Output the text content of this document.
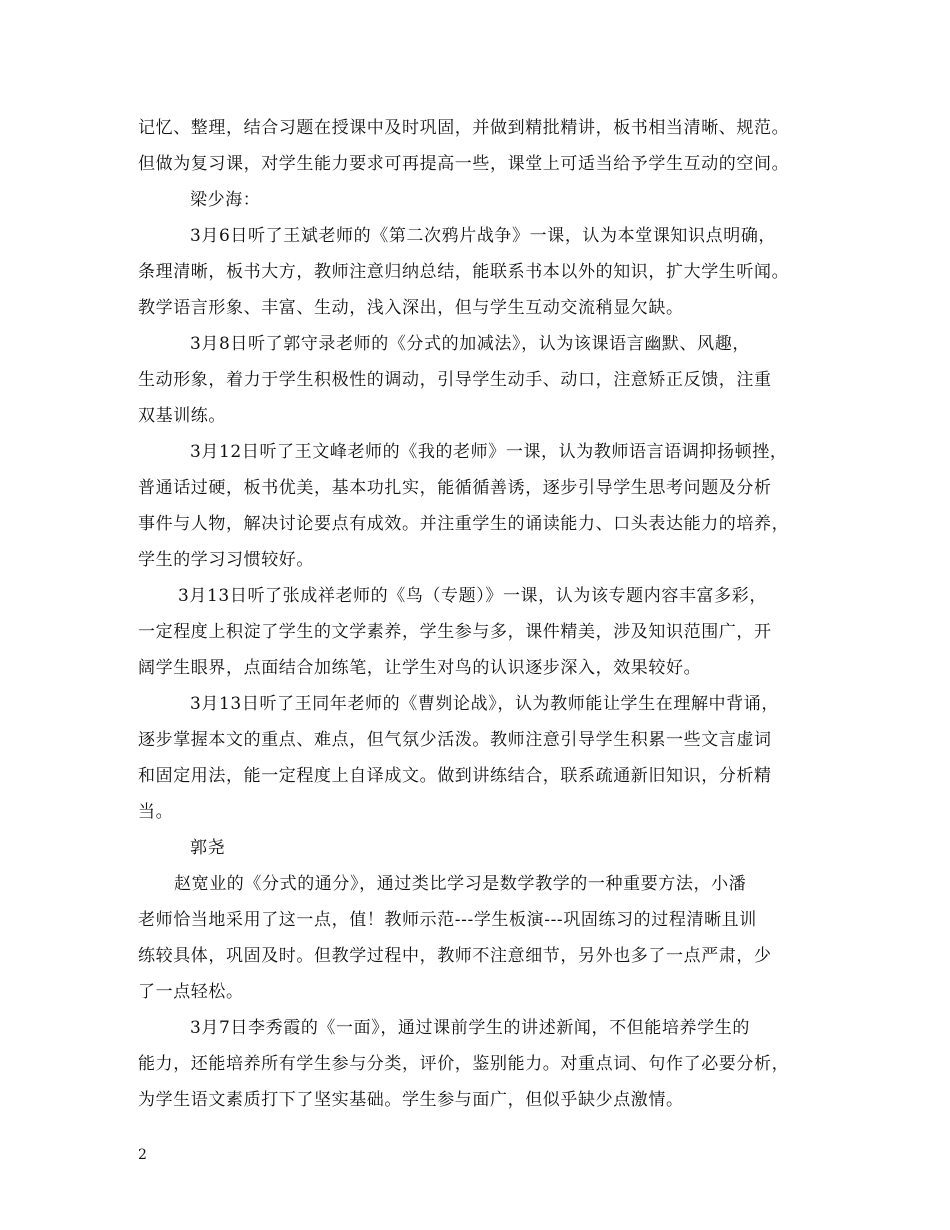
记忆、整理，结合习题在授课中及时巩固，并做到精批精讲，板书相当清晰、规范。
但做为复习课，对学生能力要求可再提高一些，课堂上可适当给予学生互动的空间。
梁少海：
3月6日听了王斌老师的《第二次鸦片战争》一课，认为本堂课知识点明确，
条理清晰，板书大方，教师注意归纳总结，能联系书本以外的知识，扩大学生听闻。
教学语言形象、丰富、生动，浅入深出，但与学生互动交流稍显欠缺。
3月8日听了郭守录老师的《分式的加减法》，认为该课语言幽默、风趣，
生动形象，着力于学生积极性的调动，引导学生动手、动口，注意矫正反馈，注重
双基训练。
3月12日听了王文峰老师的《我的老师》一课，认为教师语言语调抑扬顿挫，
普通话过硬，板书优美，基本功扎实，能循循善诱，逐步引导学生思考问题及分析
事件与人物，解决讨论要点有成效。并注重学生的诵读能力、口头表达能力的培养，
学生的学习习惯较好。
3月13日听了张成祥老师的《鸟（专题）》一课，认为该专题内容丰富多彩，
一定程度上积淀了学生的文学素养，学生参与多，课件精美，涉及知识范围广，开
阔学生眼界，点面结合加练笔，让学生对鸟的认识逐步深入，效果较好。
3月13日听了王同年老师的《曹刿论战》，认为教师能让学生在理解中背诵，
逐步掌握本文的重点、难点，但气氛少活泼。教师注意引导学生积累一些文言虚词
和固定用法，能一定程度上自译成文。做到讲练结合，联系疏通新旧知识，分析精
当。
郭尧
赵宽业的《分式的通分》，通过类比学习是数学教学的一种重要方法，小潘
老师恰当地采用了这一点，值！教师示范---学生板演---巩固练习的过程清晰且训
练较具体，巩固及时。但教学过程中，教师不注意细节，另外也多了一点严肃，少
了一点轻松。
3月7日李秀霞的《一面》，通过课前学生的讲述新闻，不但能培养学生的
能力，还能培养所有学生参与分类，评价，鉴别能力。对重点词、句作了必要分析，
为学生语文素质打下了坚实基础。学生参与面广，但似乎缺少点激情。
2
